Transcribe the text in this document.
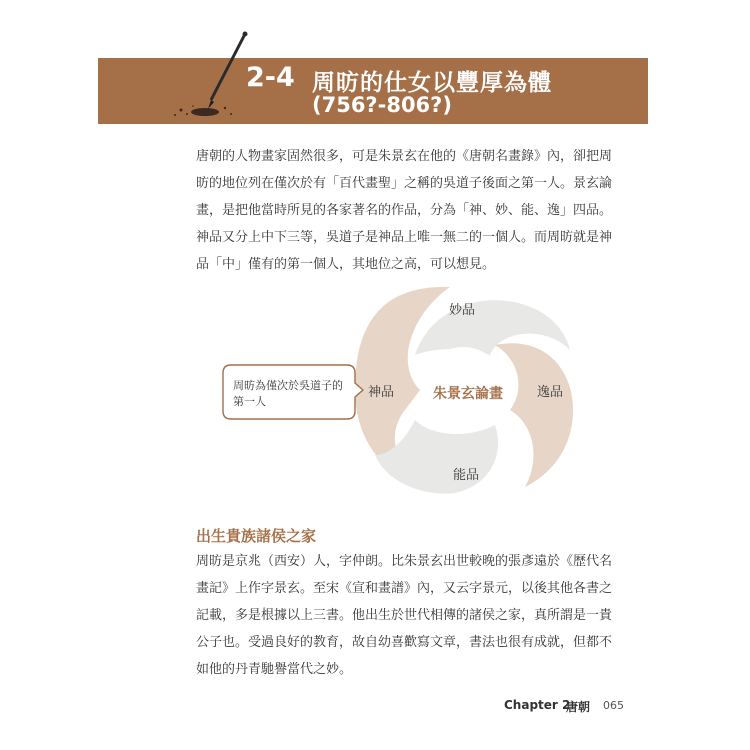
2-4 周昉的仕女以豐厚為體
(756?-806?)

唐朝的人物畫家固然很多，可是朱景玄在他的《唐朝名畫錄》內，卻把周昉的地位列在僅次於有「百代畫聖」之稱的吳道子後面之第一人。景玄論畫，是把他當時所見的各家著名的作品，分為「神、妙、能、逸」四品。神品又分上中下三等，吳道子是神品上唯一無二的一個人。而周昉就是神品「中」僅有的第一個人，其地位之高，可以想見。

朱景玄論畫
妙品
逸品
能品
神品
周昉為僅次於吳道子的第一人
出生貴族諸侯之家

周昉是京兆（西安）人，字仲朗。比朱景玄出世較晚的張彥遠於《歷代名畫記》上作字景玄。至宋《宣和畫譜》內，又云字景元，以後其他各書之記載，多是根據以上三書。他出生於世代相傳的諸侯之家，真所謂是一貴公子也。受過良好的教育，故自幼喜歡寫文章，書法也很有成就，但都不如他的丹青馳譽當代之妙。

Chapter 2
唐朝 065
